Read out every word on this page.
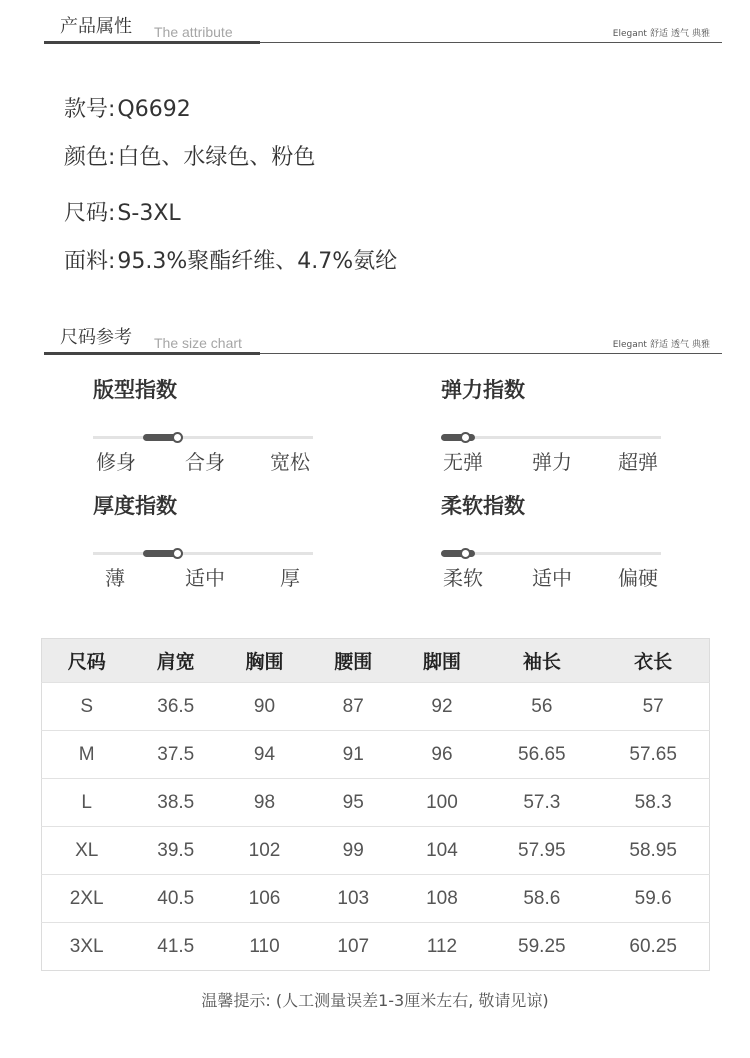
产品属性 The attribute	Elegant 舒适 透气 典雅
款号:Q6692
颜色:白色、水绿色、粉色
尺码:S-3XL
面料:95.3%聚酯纤维、4.7%氨纶
尺码参考 The size chart	Elegant 舒适 透气 典雅
版型指数
修身 合身 宽松
弹力指数
无弹 弹力 超弹
厚度指数
薄	适中	厚
柔软指数
柔软 适中 偏硬
尺码	肩宽	胸围	腰围	脚围	袖长	衣长
S	36.5	90	87	92	56	57
M	37.5	94	91	96	56.65	57.65
L	38.5	98	95	100	57.3	58.3
XL	39.5	102	99	104	57.95	58.95
2XL	40.5	106	103	108	58.6	59.6
3XL	41.5	110	107	112	59.25	60.25
温馨提示: (人工测量误差1-3厘米左右, 敬请见谅)
